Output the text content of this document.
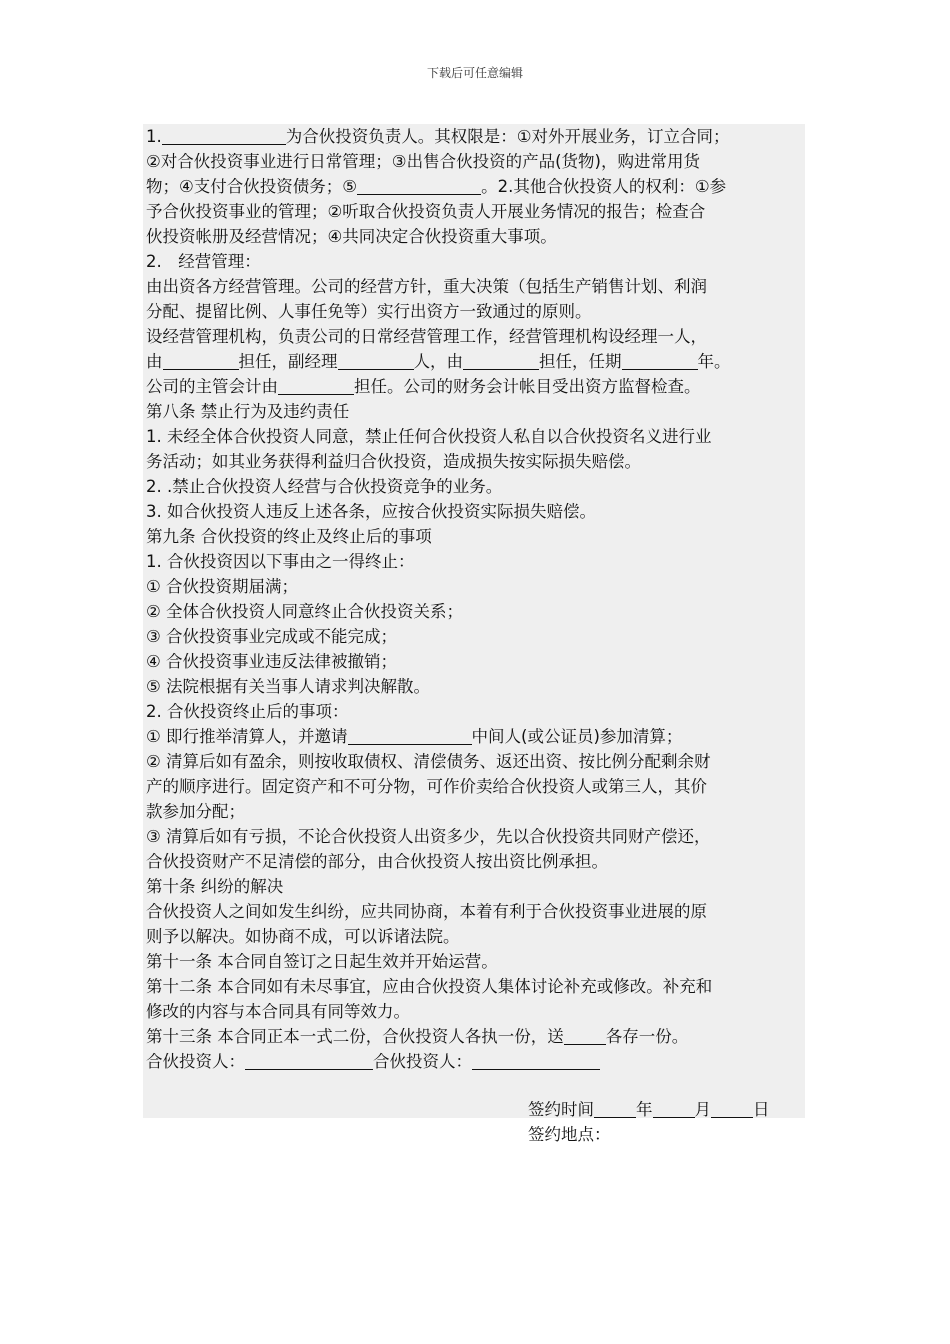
下载后可任意编辑
1.	为合伙投资负责人。其权限是：①对外开展业务，订立合同；
②对合伙投资事业进行日常管理；③出售合伙投资的产品(货物)，购进常用货
物；④支付合伙投资债务；⑤	。2.其他合伙投资人的权利：①参
予合伙投资事业的管理；②听取合伙投资负责人开展业务情况的报告；检查合
伙投资帐册及经营情况；④共同决定合伙投资重大事项。
2.　经营管理：
由出资各方经营管理。公司的经营方针，重大决策（包括生产销售计划、利润
分配、提留比例、人事任免等）实行出资方一致通过的原则。
设经营管理机构，负责公司的日常经营管理工作，经营管理机构设经理一人，
由	担任，副经理	人，由	担任，任期	年。
公司的主管会计由	担任。公司的财务会计帐目受出资方监督检查。
第八条 禁止行为及违约责任
1. 未经全体合伙投资人同意，禁止任何合伙投资人私自以合伙投资名义进行业
务活动；如其业务获得利益归合伙投资，造成损失按实际损失赔偿。
2. .禁止合伙投资人经营与合伙投资竞争的业务。
3. 如合伙投资人违反上述各条，应按合伙投资实际损失赔偿。
第九条 合伙投资的终止及终止后的事项
1. 合伙投资因以下事由之一得终止：
① 合伙投资期届满；
② 全体合伙投资人同意终止合伙投资关系；
③ 合伙投资事业完成或不能完成；
④ 合伙投资事业违反法律被撤销；
⑤ 法院根据有关当事人请求判决解散。
2. 合伙投资终止后的事项：
① 即行推举清算人，并邀请	中间人(或公证员)参加清算；
② 清算后如有盈余，则按收取债权、清偿债务、返还出资、按比例分配剩余财
产的顺序进行。固定资产和不可分物，可作价卖给合伙投资人或第三人，其价
款参加分配；
③ 清算后如有亏损，不论合伙投资人出资多少，先以合伙投资共同财产偿还，
合伙投资财产不足清偿的部分，由合伙投资人按出资比例承担。
第十条 纠纷的解决
合伙投资人之间如发生纠纷，应共同协商，本着有利于合伙投资事业进展的原
则予以解决。如协商不成，可以诉诸法院。
第十一条 本合同自签订之日起生效并开始运营。
第十二条 本合同如有未尽事宜，应由合伙投资人集体讨论补充或修改。补充和
修改的内容与本合同具有同等效力。
第十三条 本合同正本一式二份，合伙投资人各执一份，送	各存一份。
合伙投资人：	合伙投资人：
签约时间	年	月	日
签约地点：
